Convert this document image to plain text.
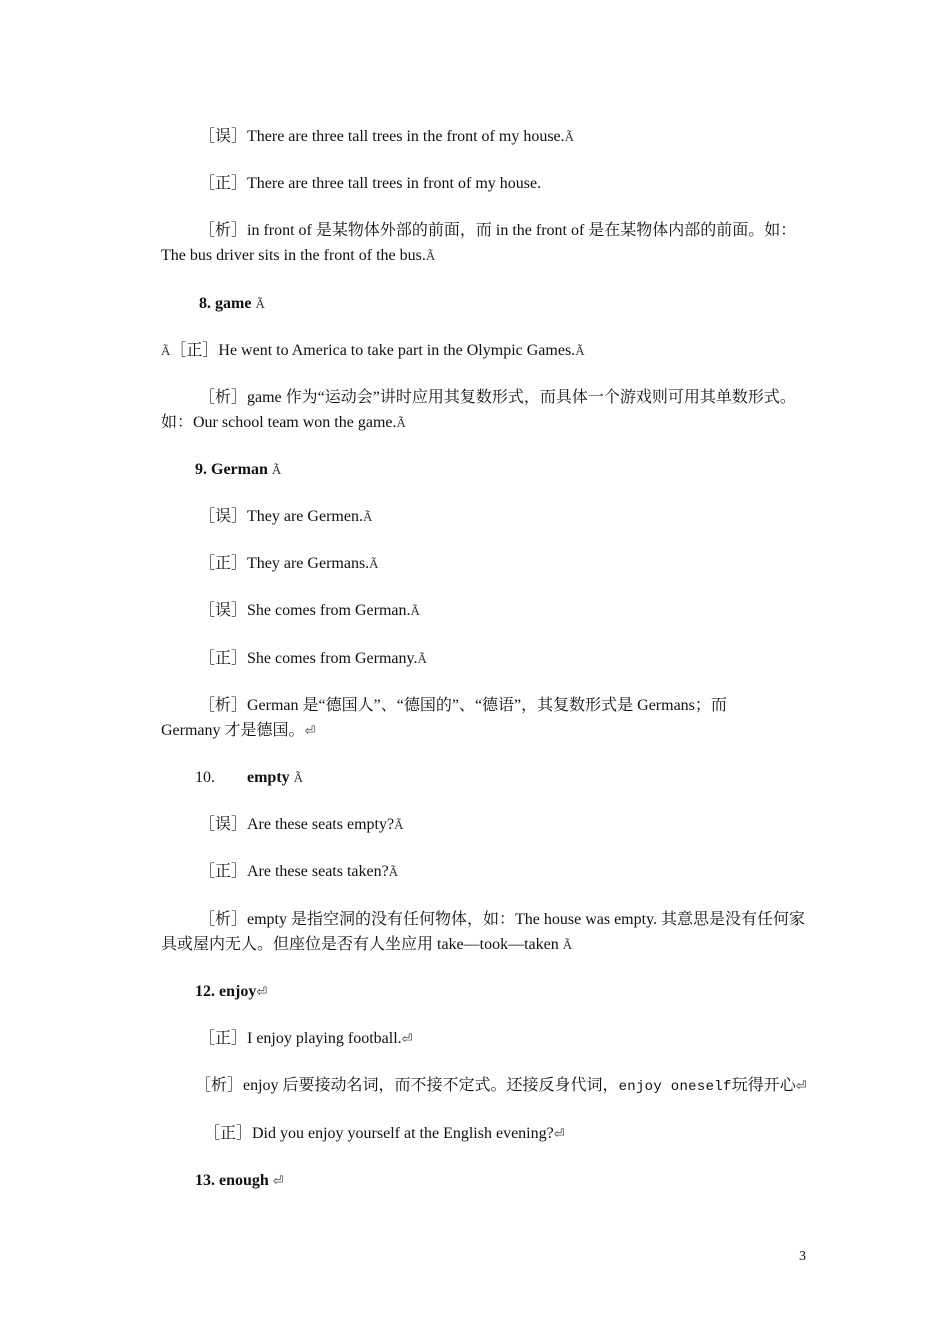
［误］There are three tall trees in the front of my house.Ã
［正］There are three tall trees in front of my house.
［析］in front of 是某物体外部的前面，而 in the front of 是在某物体内部的前面。如：
The bus driver sits in the front of the bus.Ã
8. game Ã
Ã［正］He went to America to take part in the Olympic Games.Ã
［析］game 作为“运动会”讲时应用其复数形式，而具体一个游戏则可用其单数形式。
如：Our school team won the game.Ã
9. German Ã
［误］They are Germen.Ã
［正］They are Germans.Ã
［误］She comes from German.Ã
［正］She comes from Germany.Ã
［析］German 是“德国人”、“德国的”、“德语”，其复数形式是 Germans；而
Germany 才是德国。⏎
10. empty Ã
［误］Are these seats empty?Ã
［正］Are these seats taken?Ã
［析］empty 是指空洞的没有任何物体，如：The house was empty. 其意思是没有任何家
具或屋内无人。但座位是否有人坐应用 take—took—taken Ã
12. enjoy⏎
［正］I enjoy playing football.⏎
［析］enjoy 后要接动名词，而不接不定式。还接反身代词，enjoy oneself玩得开心⏎
［正］Did you enjoy yourself at the English evening?⏎
13. enough ⏎
3
